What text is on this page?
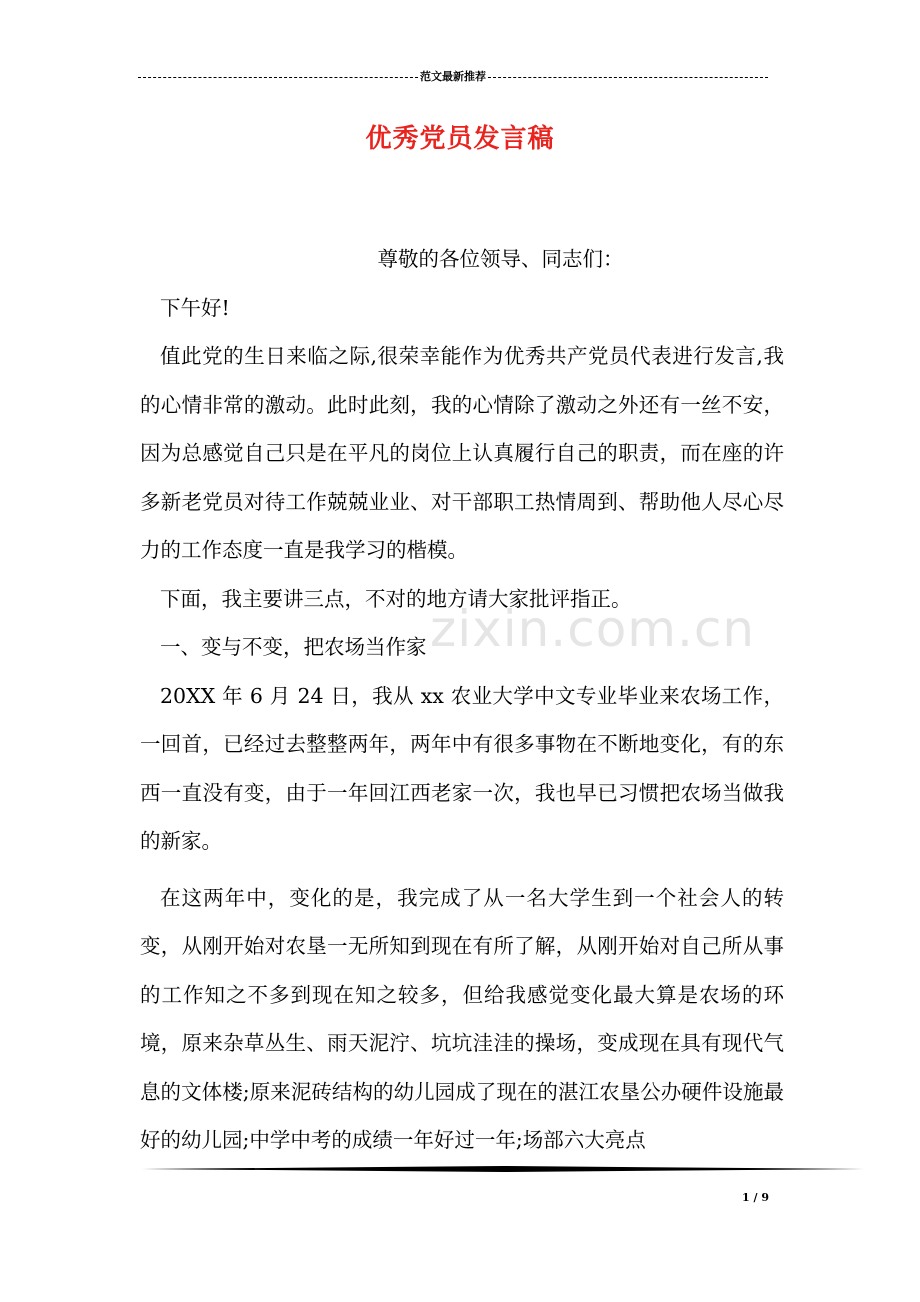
范文最新推荐
优秀党员发言稿

尊敬的各位领导、同志们：

下午好!

值此党的生日来临之际,很荣幸能作为优秀共产党员代表进行发言,我的心情非常的激动。此时此刻，我的心情除了激动之外还有一丝不安，因为总感觉自己只是在平凡的岗位上认真履行自己的职责，而在座的许多新老党员对待工作兢兢业业、对干部职工热情周到、帮助他人尽心尽力的工作态度一直是我学习的楷模。

下面，我主要讲三点，不对的地方请大家批评指正。

一、变与不变，把农场当作家

20XX 年 6 月 24 日，我从 xx 农业大学中文专业毕业来农场工作，一回首，已经过去整整两年，两年中有很多事物在不断地变化，有的东西一直没有变，由于一年回江西老家一次，我也早已习惯把农场当做我的新家。

在这两年中，变化的是，我完成了从一名大学生到一个社会人的转变，从刚开始对农垦一无所知到现在有所了解，从刚开始对自己所从事的工作知之不多到现在知之较多，但给我感觉变化最大算是农场的环境，原来杂草丛生、雨天泥泞、坑坑洼洼的操场，变成现在具有现代气息的文体楼;原来泥砖结构的幼儿园成了现在的湛江农垦公办硬件设施最好的幼儿园;中学中考的成绩一年好过一年;场部六大亮点

zixin.com.cn
1 / 9
